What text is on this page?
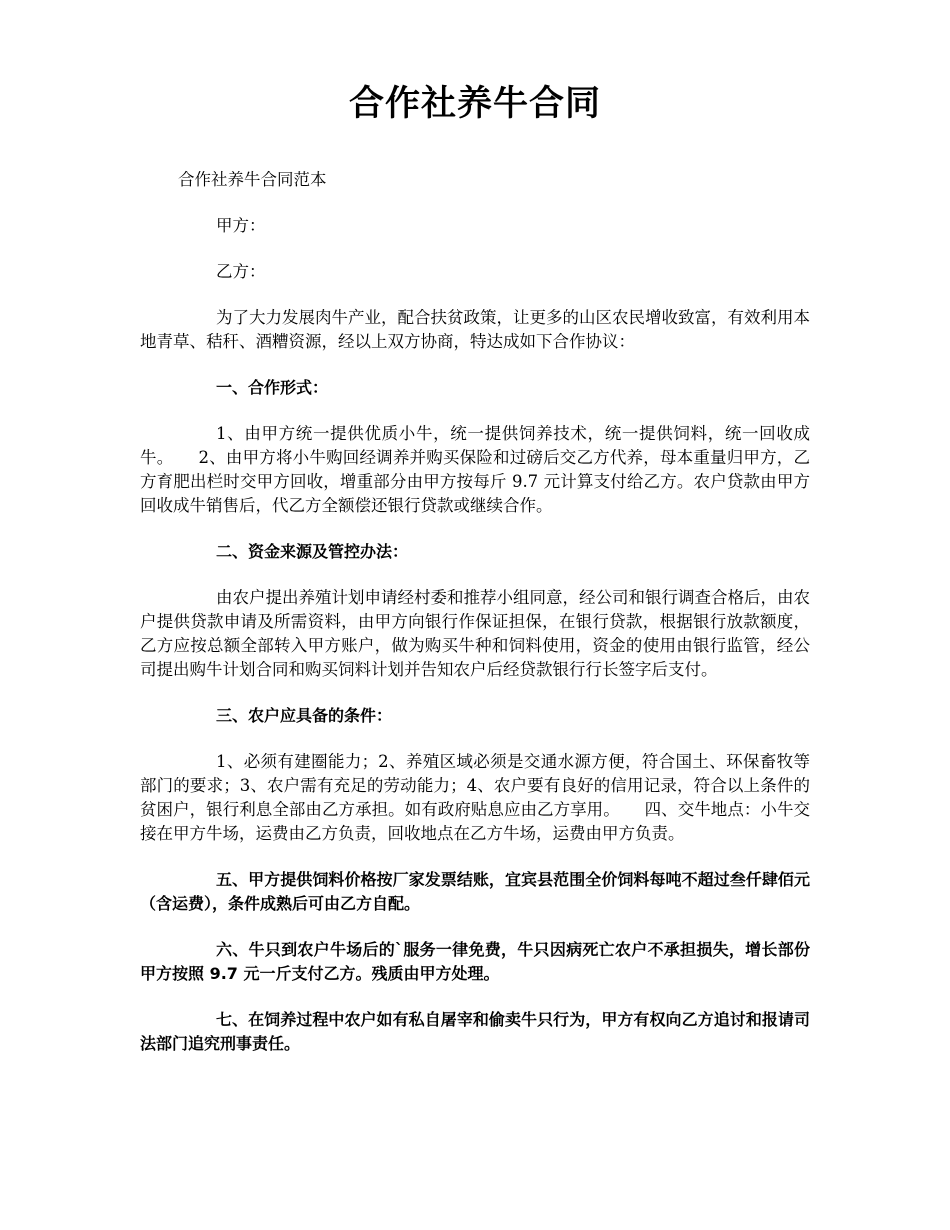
合作社养牛合同

合作社养牛合同范本

甲方：

乙方：

为了大力发展肉牛产业，配合扶贫政策，让更多的山区农民增收致富，有效利用本地青草、秸秆、酒糟资源，经以上双方协商，特达成如下合作协议：

一、合作形式：

1、由甲方统一提供优质小牛，统一提供饲养技术，统一提供饲料，统一回收成牛。　　2、由甲方将小牛购回经调养并购买保险和过磅后交乙方代养，母本重量归甲方，乙方育肥出栏时交甲方回收，增重部分由甲方按每斤 9.7 元计算支付给乙方。农户贷款由甲方回收成牛销售后，代乙方全额偿还银行贷款或继续合作。

二、资金来源及管控办法：

由农户提出养殖计划申请经村委和推荐小组同意，经公司和银行调查合格后，由农户提供贷款申请及所需资料，由甲方向银行作保证担保，在银行贷款，根据银行放款额度，乙方应按总额全部转入甲方账户，做为购买牛种和饲料使用，资金的使用由银行监管，经公司提出购牛计划合同和购买饲料计划并告知农户后经贷款银行行长签字后支付。

三、农户应具备的条件：

1、必须有建圈能力；2、养殖区域必须是交通水源方便，符合国土、环保畜牧等部门的要求；3、农户需有充足的劳动能力；4、农户要有良好的信用记录，符合以上条件的贫困户，银行利息全部由乙方承担。如有政府贴息应由乙方享用。　　四、交牛地点：小牛交接在甲方牛场，运费由乙方负责，回收地点在乙方牛场，运费由甲方负责。

五、甲方提供饲料价格按厂家发票结账，宜宾县范围全价饲料每吨不超过叁仟肆佰元（含运费），条件成熟后可由乙方自配。

六、牛只到农户牛场后的`服务一律免费，牛只因病死亡农户不承担损失，增长部份甲方按照 9.7 元一斤支付乙方。残质由甲方处理。

七、在饲养过程中农户如有私自屠宰和偷卖牛只行为，甲方有权向乙方追讨和报请司法部门追究刑事责任。
